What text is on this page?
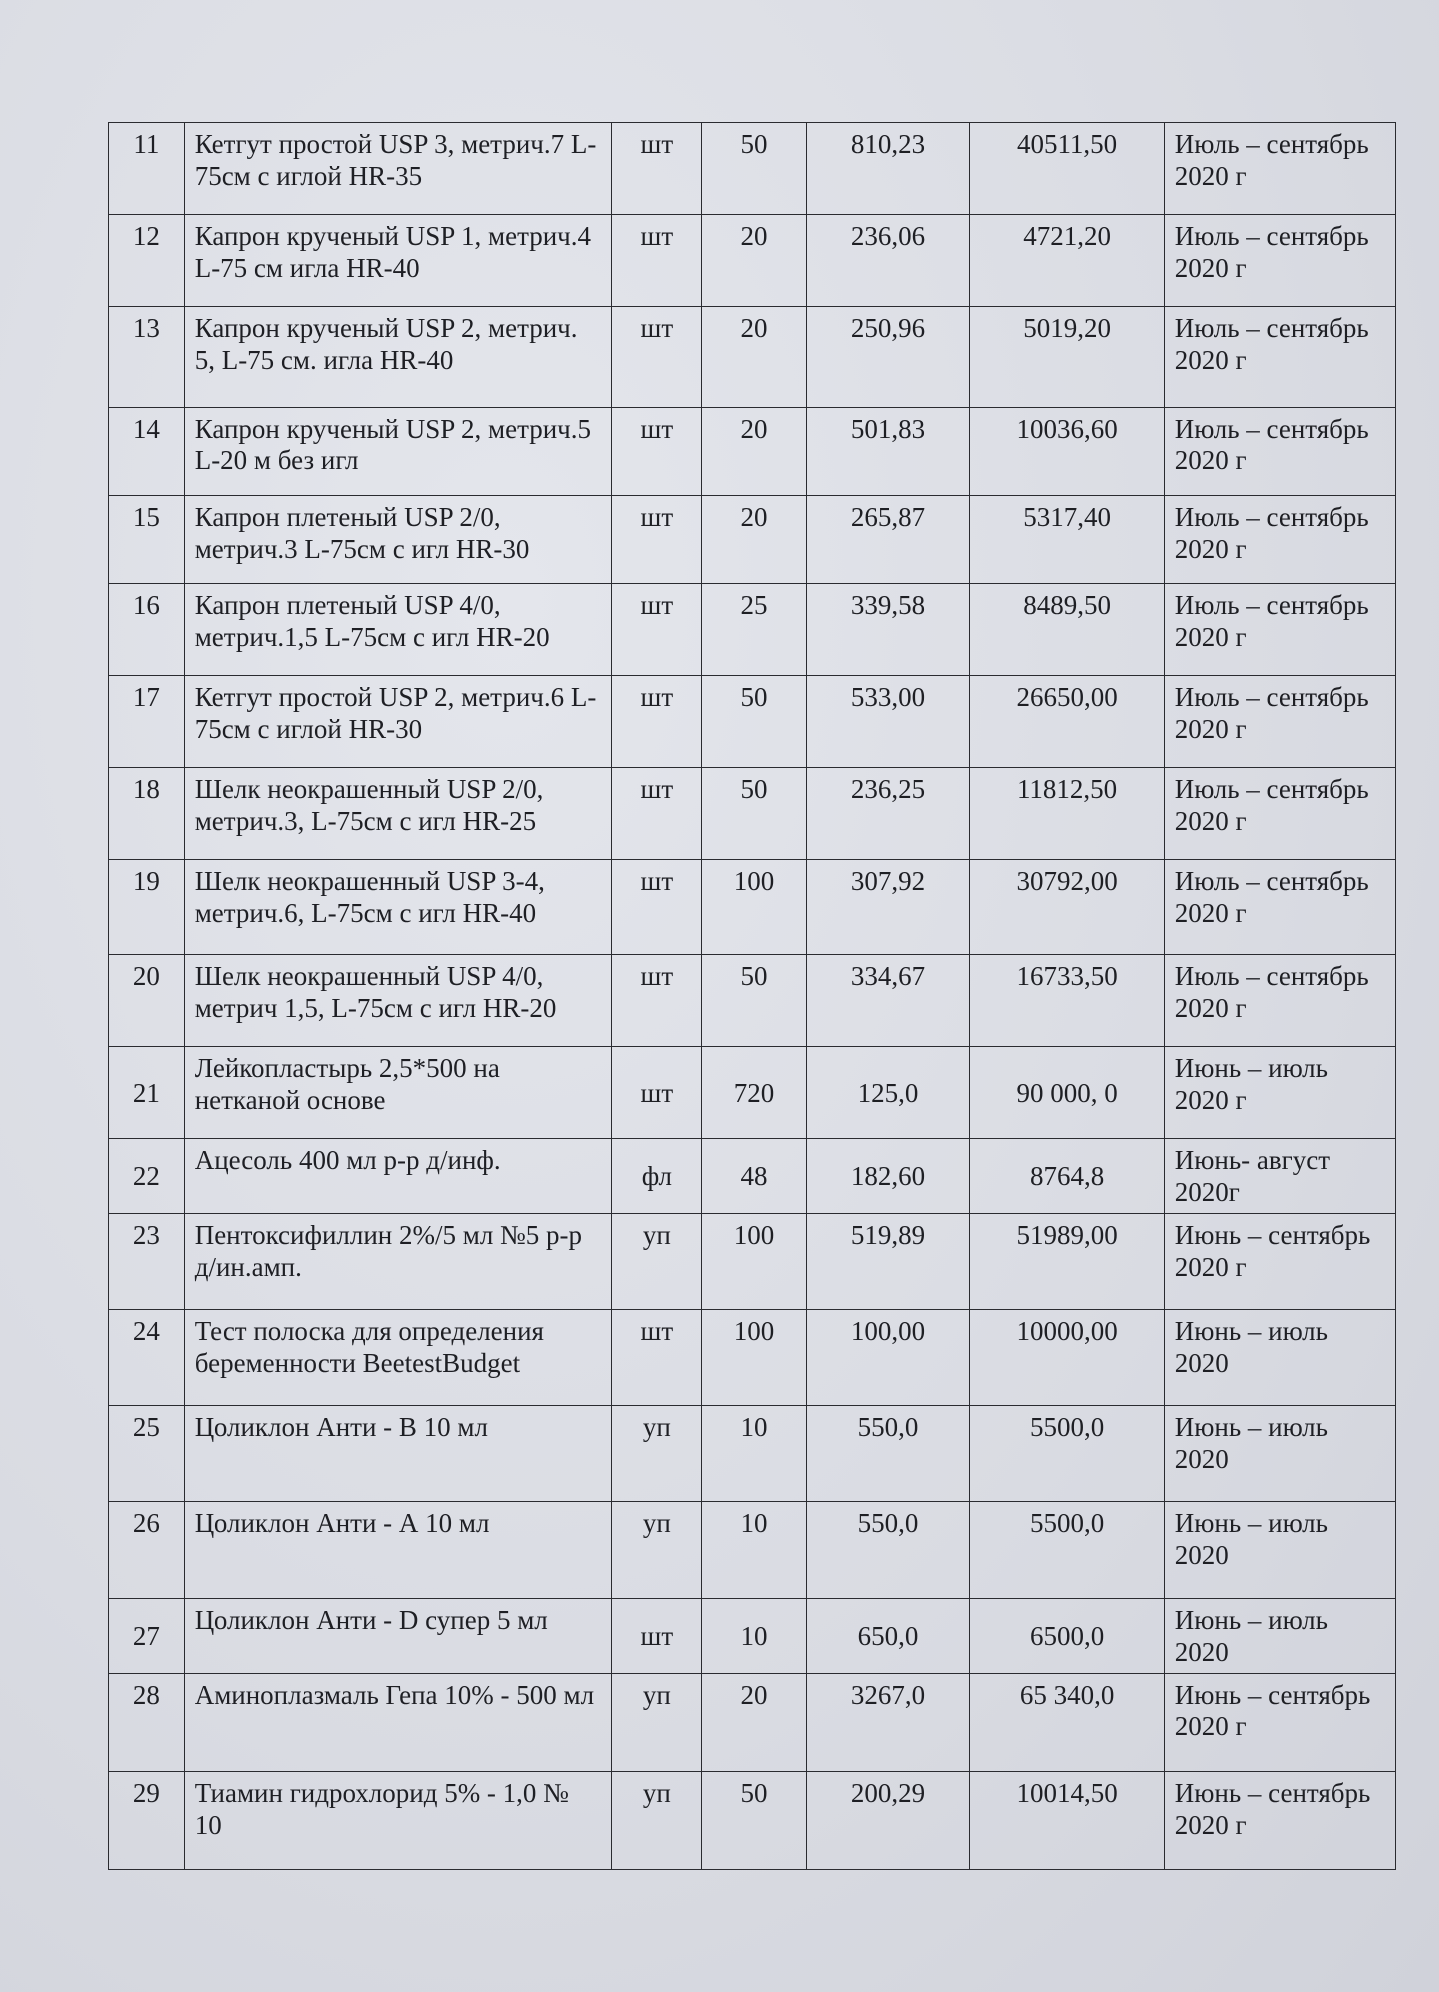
11	Кетгут простой USP 3, метрич.7 L-75см с иглой HR-35	шт	50	810,23	40511,50	Июль – сентябрь 2020 г
12	Капрон крученый USP 1, метрич.4 L-75 см игла HR-40	шт	20	236,06	4721,20	Июль – сентябрь 2020 г
13	Капрон крученый USP 2, метрич. 5, L-75 см. игла HR-40	шт	20	250,96	5019,20	Июль – сентябрь 2020 г
14	Капрон крученый USP 2, метрич.5 L-20 м без игл	шт	20	501,83	10036,60	Июль – сентябрь 2020 г
15	Капрон плетеный USP 2/0, метрич.3 L-75см с игл HR-30	шт	20	265,87	5317,40	Июль – сентябрь 2020 г
16	Капрон плетеный USP 4/0, метрич.1,5 L-75см с игл HR-20	шт	25	339,58	8489,50	Июль – сентябрь 2020 г
17	Кетгут простой USP 2, метрич.6 L-75см с иглой HR-30	шт	50	533,00	26650,00	Июль – сентябрь 2020 г
18	Шелк неокрашенный USP 2/0, метрич.3, L-75см с игл HR-25	шт	50	236,25	11812,50	Июль – сентябрь 2020 г
19	Шелк неокрашенный USP 3-4, метрич.6, L-75см с игл HR-40	шт	100	307,92	30792,00	Июль – сентябрь 2020 г
20	Шелк неокрашенный USP 4/0, метрич 1,5, L-75см с игл HR-20	шт	50	334,67	16733,50	Июль – сентябрь 2020 г
21	Лейкопластырь 2,5*500 на нетканой основе	шт	720	125,0	90 000, 0	Июнь – июль 2020 г
22	Ацесоль 400 мл р-р д/инф.	фл	48	182,60	8764,8	Июнь- август 2020г
23	Пентоксифиллин 2%/5 мл №5 р-р д/ин.амп.	уп	100	519,89	51989,00	Июнь – сентябрь 2020 г
24	Тест полоска для определения беременности BeetestBudget	шт	100	100,00	10000,00	Июнь – июль 2020
25	Цоликлон Анти - В 10 мл	уп	10	550,0	5500,0	Июнь – июль 2020
26	Цоликлон Анти - А 10 мл	уп	10	550,0	5500,0	Июнь – июль 2020
27	Цоликлон Анти - D супер 5 мл	шт	10	650,0	6500,0	Июнь – июль 2020
28	Аминоплазмаль Гепа 10% - 500 мл	уп	20	3267,0	65 340,0	Июнь – сентябрь 2020 г
29	Тиамин гидрохлорид 5% - 1,0 № 10	уп	50	200,29	10014,50	Июнь – сентябрь 2020 г
